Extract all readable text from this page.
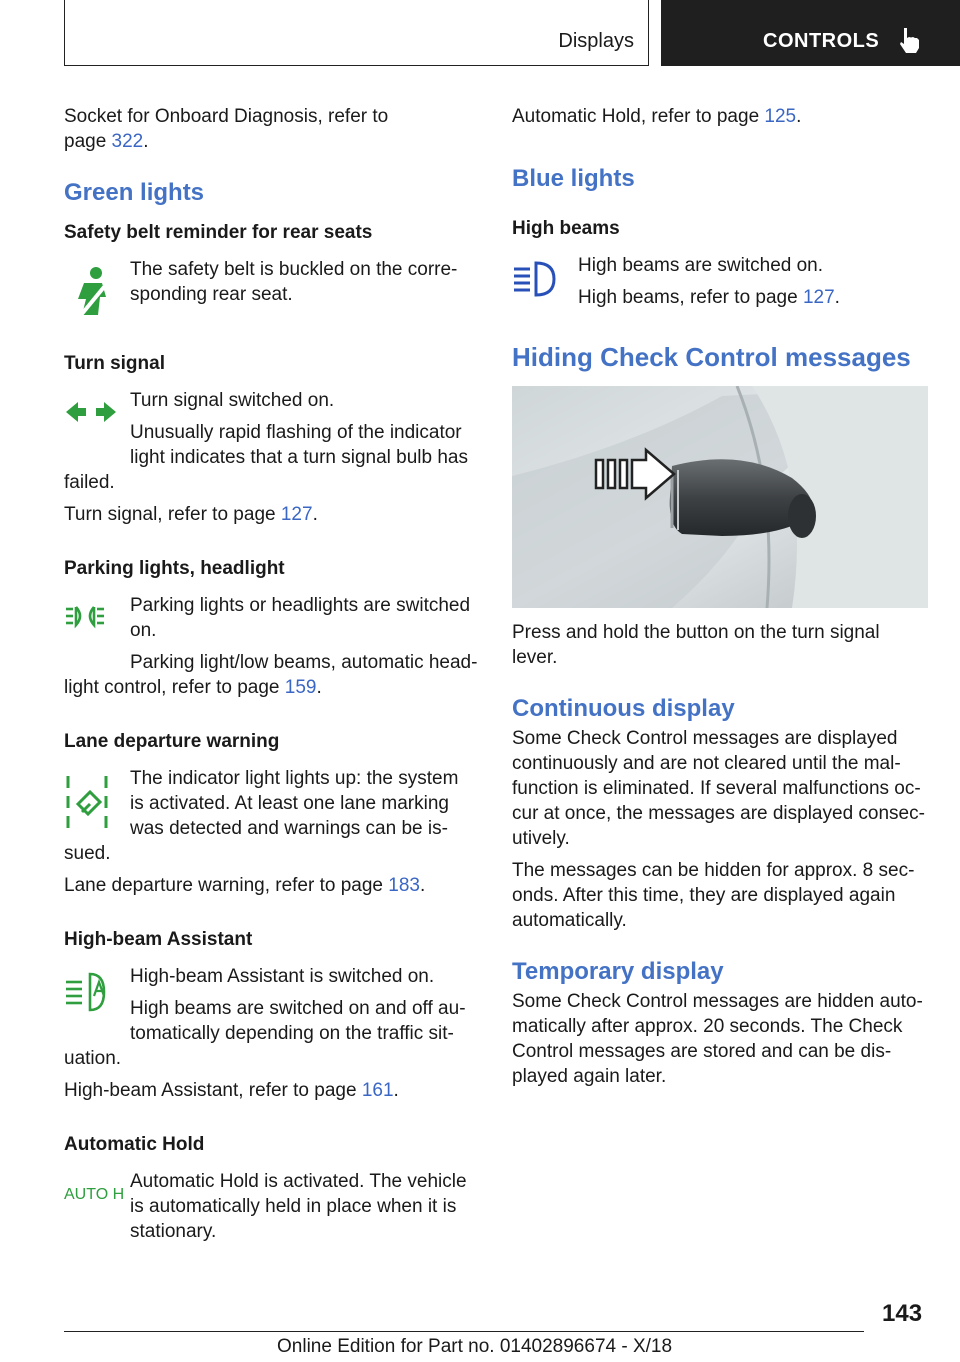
Displays	CONTROLS

Socket for Onboard Diagnosis, refer to
page 322.

Green lights
Safety belt reminder for rear seats

The safety belt is buckled on the corre-
sponding rear seat.

Turn signal

Turn signal switched on.

Unusually rapid flashing of the indicator
light indicates that a turn signal bulb has

failed.

Turn signal, refer to page 127.

Parking lights, headlight

Parking lights or headlights are switched
on.

Parking light/low beams, automatic head-

light control, refer to page 159.

Lane departure warning

The indicator light lights up: the system
is activated. At least one lane marking
was detected and warnings can be is-

sued.

Lane departure warning, refer to page 183.

High-beam Assistant

High-beam Assistant is switched on.

High beams are switched on and off au-
tomatically depending on the traffic sit-

uation.

High-beam Assistant, refer to page 161.

Automatic Hold
AUTO H

Automatic Hold is activated. The vehicle
is automatically held in place when it is
stationary.

Automatic Hold, refer to page 125.

Blue lights
High beams

High beams are switched on.

High beams, refer to page 127.

Hiding Check Control messages

Press and hold the button on the turn signal
lever.

Continuous display

Some Check Control messages are displayed
continuously and are not cleared until the mal-
function is eliminated. If several malfunctions oc-
cur at once, the messages are displayed consec-
utively.

The messages can be hidden for approx. 8 sec-
onds. After this time, they are displayed again
automatically.

Temporary display

Some Check Control messages are hidden auto-
matically after approx. 20 seconds. The Check
Control messages are stored and can be dis-
played again later.

143
Online Edition for Part no. 01402896674 - X/18
